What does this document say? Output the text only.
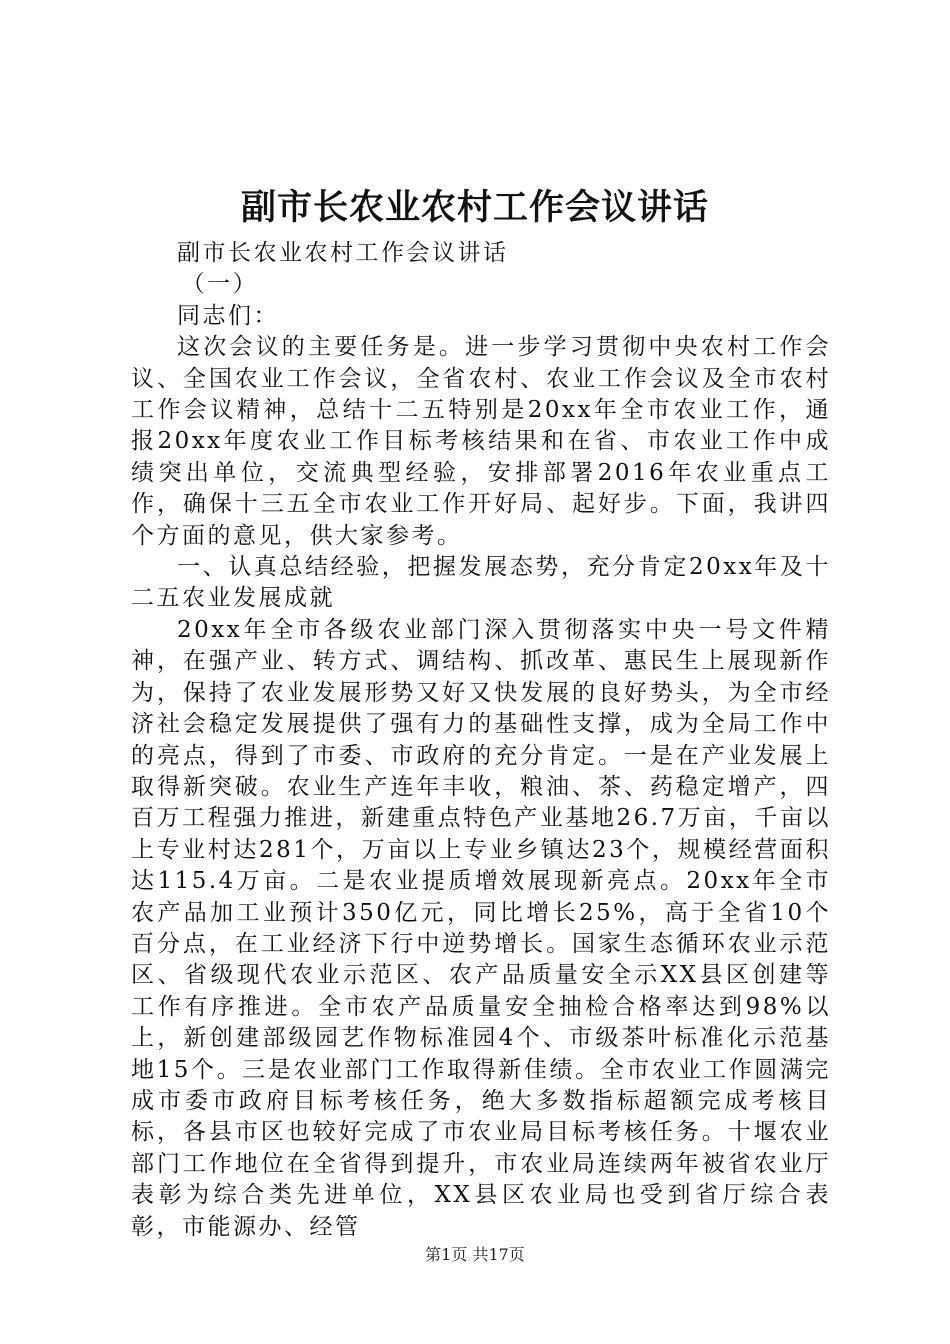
副市长农业农村工作会议讲话

副市长农业农村工作会议讲话

（一）

同志们：

这次会议的主要任务是。进一步学习贯彻中央农村工作会议、全国农业工作会议，全省农村、农业工作会议及全市农村工作会议精神，总结十二五特别是20xx年全市农业工作，通报20xx年度农业工作目标考核结果和在省、市农业工作中成绩突出单位，交流典型经验，安排部署2016年农业重点工作，确保十三五全市农业工作开好局、起好步。下面，我讲四个方面的意见，供大家参考。

一、认真总结经验，把握发展态势，充分肯定20xx年及十二五农业发展成就

20xx年全市各级农业部门深入贯彻落实中央一号文件精神，在强产业、转方式、调结构、抓改革、惠民生上展现新作为，保持了农业发展形势又好又快发展的良好势头，为全市经济社会稳定发展提供了强有力的基础性支撑，成为全局工作中的亮点，得到了市委、市政府的充分肯定。一是在产业发展上取得新突破。农业生产连年丰收，粮油、茶、药稳定增产，四百万工程强力推进，新建重点特色产业基地26.7万亩，千亩以上专业村达281个，万亩以上专业乡镇达23个，规模经营面积达115.4万亩。二是农业提质增效展现新亮点。20xx年全市农产品加工业预计350亿元，同比增长25%，高于全省10个百分点，在工业经济下行中逆势增长。国家生态循环农业示范区、省级现代农业示范区、农产品质量安全示XX县区创建等工作有序推进。全市农产品质量安全抽检合格率达到98%以上，新创建部级园艺作物标准园4个、市级茶叶标准化示范基地15个。三是农业部门工作取得新佳绩。全市农业工作圆满完成市委市政府目标考核任务，绝大多数指标超额完成考核目标，各县市区也较好完成了市农业局目标考核任务。十堰农业部门工作地位在全省得到提升，市农业局连续两年被省农业厅表彰为综合类先进单位，XX县区农业局也受到省厅综合表彰，市能源办、经管

第1页 共17页
